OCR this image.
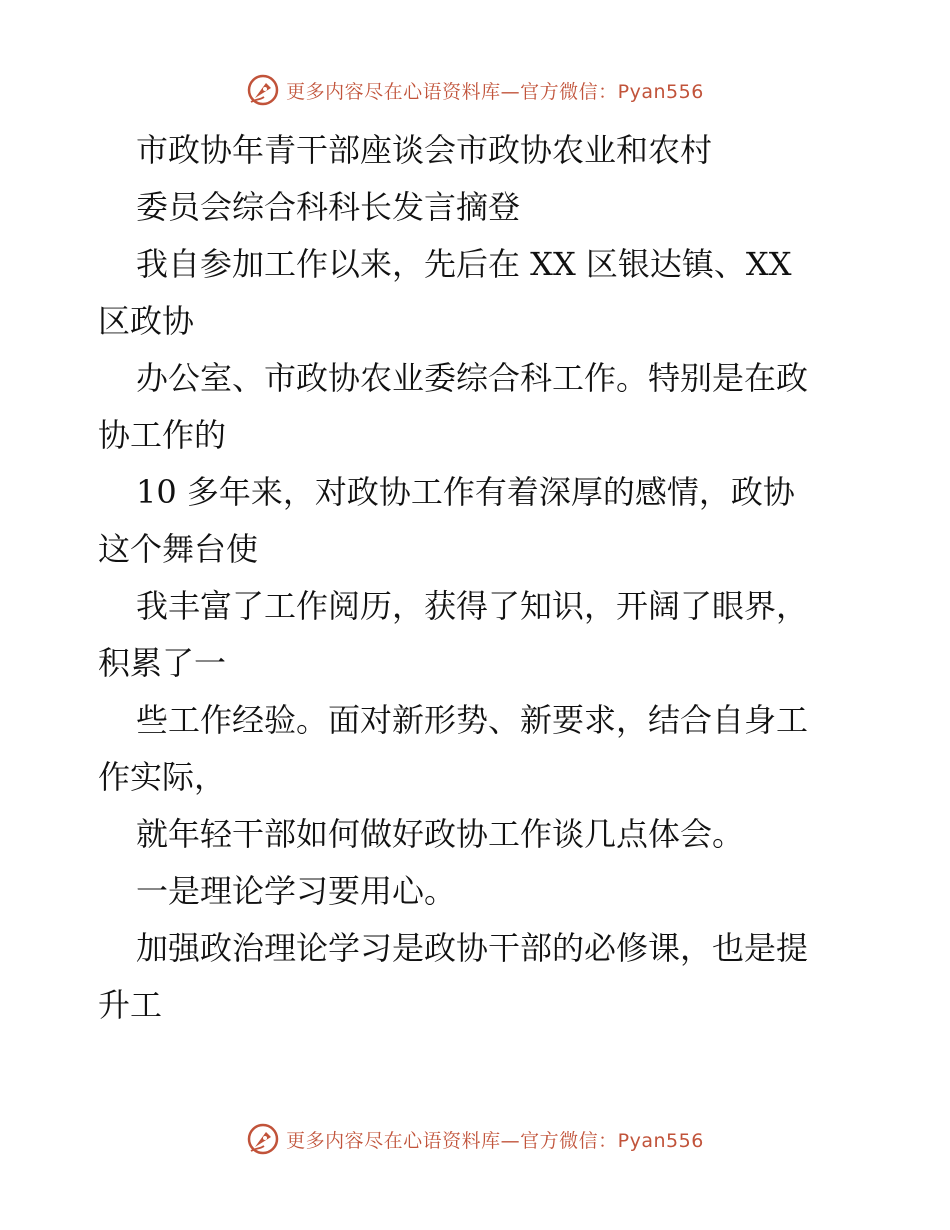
更多内容尽在心语资料库—官方微信：Pyan556
市政协年青干部座谈会市政协农业和农村
委员会综合科科长发言摘登
我自参加工作以来，先后在 XX 区银达镇、XX
区政协
办公室、市政协农业委综合科工作。特别是在政
协工作的
10 多年来，对政协工作有着深厚的感情，政协
这个舞台使
我丰富了工作阅历，获得了知识，开阔了眼界，
积累了一
些工作经验。面对新形势、新要求，结合自身工
作实际，
就年轻干部如何做好政协工作谈几点体会。
一是理论学习要用心。
加强政治理论学习是政协干部的必修课，也是提
升工
更多内容尽在心语资料库—官方微信：Pyan556
